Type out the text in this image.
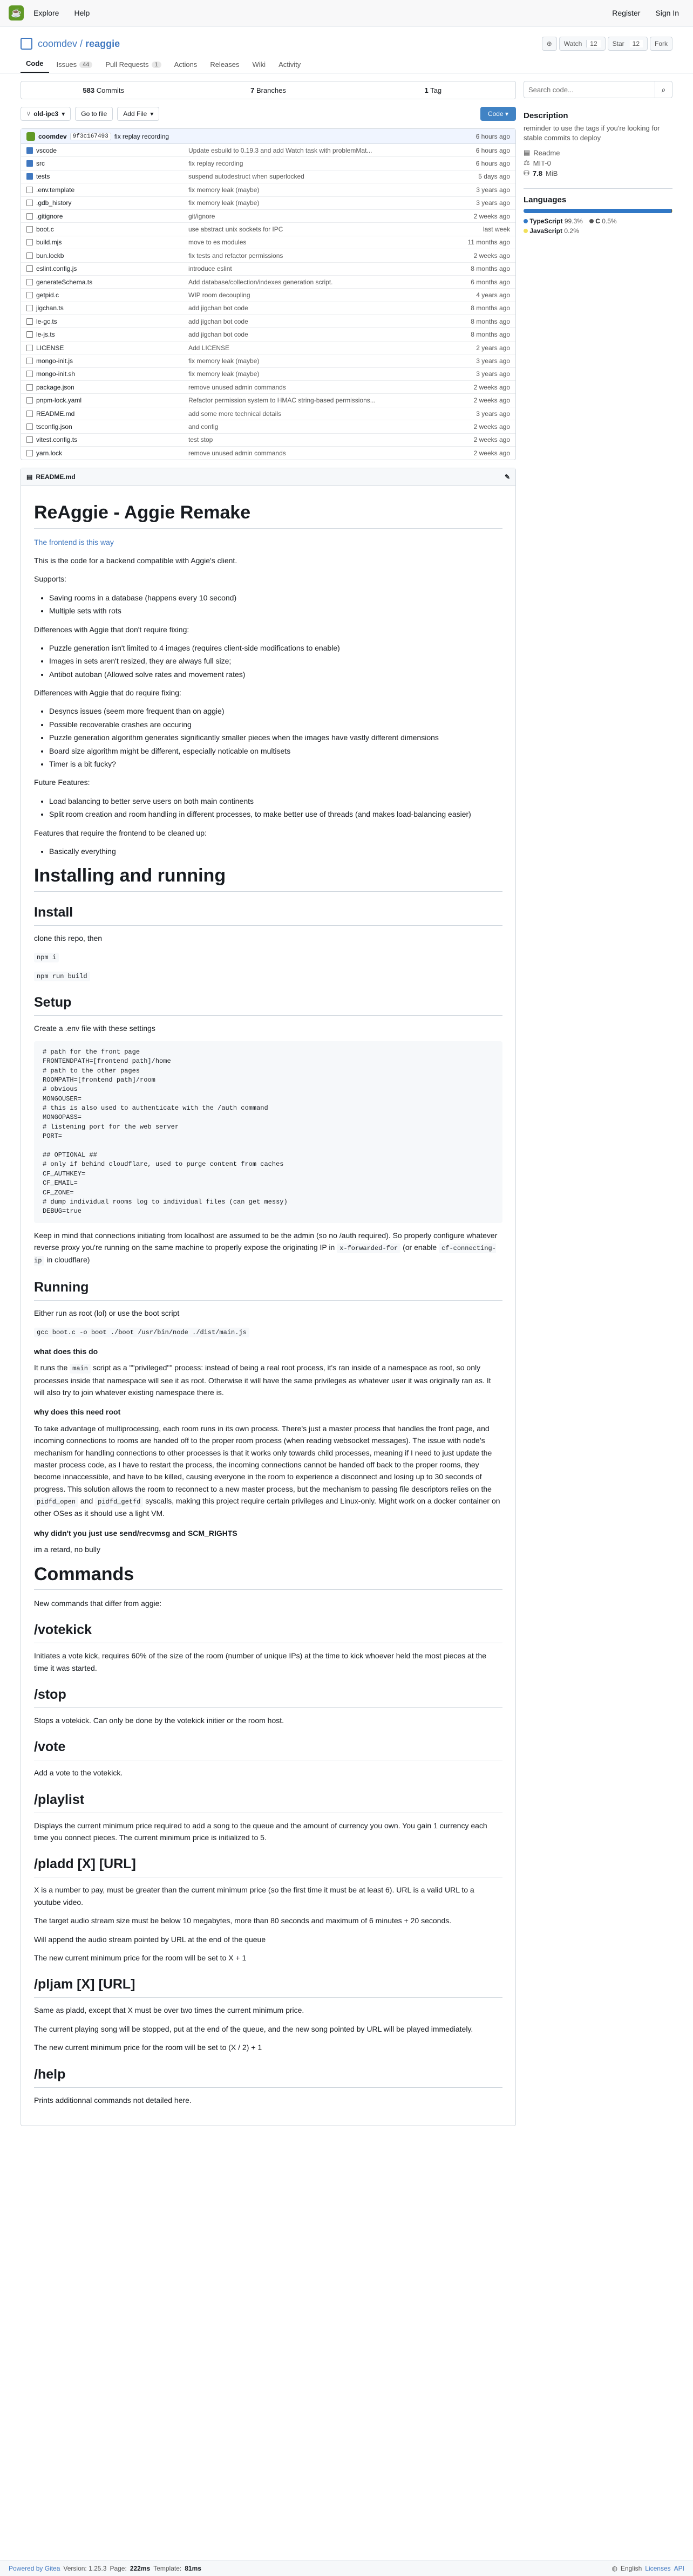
☕	Explore	Help	Register	Sign In
coomdev / reaggie	⊕ Watch	12	Star	12	Fork
Code Issues	44	Pull Requests	1	Actions Releases Wiki Activity
583 Commits	7 Branches	1 Tag
⑂ old-ipc3 ▾	Go to file	Add File ▾	Code ▾
coomdev	9f3c167493 fix replay recording	6 hours ago
vscode	Update esbuild to 0.19.3 and add Watch task with problemMat...	6 hours ago
src	fix replay recording	6 hours ago
tests	suspend autodestruct when superlocked	5 days ago
.env.template	fix memory leak (maybe)	3 years ago
.gdb_history	fix memory leak (maybe)	3 years ago
.gitignore	git/ignore	2 weeks ago
boot.c	use abstract unix sockets for IPC	last week
build.mjs	move to es modules	11 months ago
bun.lockb	fix tests and refactor permissions	2 weeks ago
eslint.config.js	introduce eslint	8 months ago
generateSchema.ts	Add database/collection/indexes generation script.	6 months ago
getpid.c	WIP room decoupling	4 years ago
jigchan.ts	add jigchan bot code	8 months ago
le-gc.ts	add jigchan bot code	8 months ago
le-js.ts	add jigchan bot code	8 months ago
LICENSE	Add LICENSE	2 years ago
mongo-init.js	fix memory leak (maybe)	3 years ago
mongo-init.sh	fix memory leak (maybe)	3 years ago
package.json	remove unused admin commands	2 weeks ago
pnpm-lock.yaml	Refactor permission system to HMAC string-based permissions...	2 weeks ago
README.md	add some more technical details	3 years ago
tsconfig.json	and config	2 weeks ago
vitest.config.ts	test stop	2 weeks ago
yarn.lock	remove unused admin commands	2 weeks ago
▤ README.md	✎
ReAggie - Aggie Remake

The frontend is this way

This is the code for a backend compatible with Aggie's client.

Supports:

• Saving rooms in a database (happens every 10 second)
• Multiple sets with rots

Differences with Aggie that don't require fixing:

• Puzzle generation isn't limited to 4 images (requires client-side modifications to enable)
• Images in sets aren't resized, they are always full size;
• Antibot autoban (Allowed solve rates and movement rates)

Differences with Aggie that do require fixing:

• Desyncs issues (seem more frequent than on aggie)
• Possible recoverable crashes are occuring
• Puzzle generation algorithm generates significantly smaller pieces when the images have vastly different dimensions
• Board size algorithm might be different, especially noticable on multisets
• Timer is a bit fucky?

Future Features:

• Load balancing to better serve users on both main continents
• Split room creation and room handling in different processes, to make better use of threads (and makes load-balancing easier)

Features that require the frontend to be cleaned up:

• Basically everything
Installing and running
Install

clone this repo, then

npm i

npm run build

Setup

Create a .env file with these settings

# path for the front page
FRONTENDPATH=[frontend path]/home
# path to the other pages
ROOMPATH=[frontend path]/room
# obvious
MONGOUSER=
# this is also used to authenticate with the /auth command
MONGOPASS=
# listening port for the web server
PORT=

## OPTIONAL ##
# only if behind cloudflare, used to purge content from caches
CF_AUTHKEY=
CF_EMAIL=
CF_ZONE=
# dump individual rooms log to individual files (can get messy)
DEBUG=true

Keep in mind that connections initiating from localhost are assumed to be the admin (so no /auth required). So properly configure whatever reverse proxy you're running on the same machine to properly expose the originating IP in x-forwarded-for (or enable cf-connecting-ip in cloudflare)

Running

Either run as root (lol) or use the boot script

gcc boot.c -o boot ./boot /usr/bin/node ./dist/main.js

what does this do

It runs the main script as a ""privileged"" process: instead of being a real root process, it's ran inside of a namespace as root, so only processes inside that namespace will see it as root. Otherwise it will have the same privileges as whatever user it was originally ran as. It will also try to join whatever existing namespace there is.

why does this need root

To take advantage of multiprocessing, each room runs in its own process. There's just a master process that handles the front page, and incoming connections to rooms are handed off to the proper room process (when reading websocket messages). The issue with node's mechanism for handling connections to other processes is that it works only towards child processes, meaning if I need to just update the master process code, as I have to restart the process, the incoming connections cannot be handed off back to the proper rooms, they become innaccessible, and have to be killed, causing everyone in the room to experience a disconnect and losing up to 30 seconds of progress. This solution allows the room to reconnect to a new master process, but the mechanism to passing file descriptors relies on the pidfd_open and pidfd_getfd syscalls, making this project require certain privileges and Linux-only. Might work on a docker container on other OSes as it should use a light VM.

why didn't you just use send/recvmsg and SCM_RIGHTS

im a retard, no bully

Commands

New commands that differ from aggie:

/votekick

Initiates a vote kick, requires 60% of the size of the room (number of unique IPs) at the time to kick whoever held the most pieces at the time it was started.

/stop

Stops a votekick. Can only be done by the votekick initier or the room host.

/vote

Add a vote to the votekick.

/playlist

Displays the current minimum price required to add a song to the queue and the amount of currency you own. You gain 1 currency each time you connect pieces. The current minimum price is initialized to 5.

/pladd [X] [URL]

X is a number to pay, must be greater than the current minimum price (so the first time it must be at least 6). URL is a valid URL to a youtube video.

The target audio stream size must be below 10 megabytes, more than 80 seconds and maximum of 6 minutes + 20 seconds.

Will append the audio stream pointed by URL at the end of the queue

The new current minimum price for the room will be set to X + 1

/pljam [X] [URL]

Same as pladd, except that X must be over two times the current minimum price.

The current playing song will be stopped, put at the end of the queue, and the new song pointed by URL will be played immediately.

The new current minimum price for the room will be set to (X / 2) + 1

/help

Prints additionnal commands not detailed here.

Search code...
⌕
Description
reminder to use the tags if you're looking for stable commits to deploy
▤ Readme
⚖ MIT-0
⛁ 7.8 MiB
Languages
TypeScript 99.3%	C 0.5%
JavaScript 0.2%
Powered by Gitea Version: 1.25.3 Page: 222ms Template: 81ms	◍ English Licenses API
